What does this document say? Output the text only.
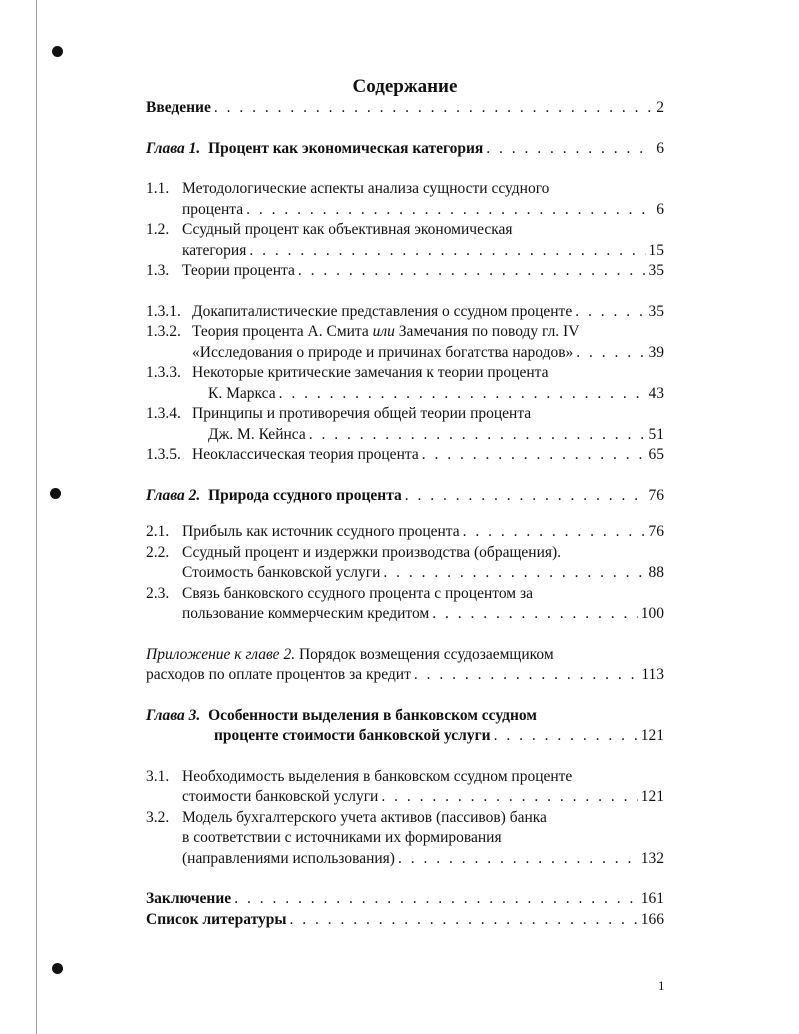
Содержание
Введение . . .	2
Глава 1. Процент как экономическая категория . . .	6
1.1. Методологические аспекты анализа сущности ссудного
процента . . .	6
1.2. Ссудный процент как объективная экономическая
категория . . .	15
1.3. Теории процента . . .	35
1.3.1. Докапиталистические представления о ссудном проценте . . .	35
1.3.2. Теория процента А. Смита или Замечания по поводу гл. IV
«Исследования о природе и причинах богатства народов» . . .	39
1.3.3. Некоторые критические замечания к теории процента
К. Маркса . . .	43
1.3.4. Принципы и противоречия общей теории процента
Дж. М. Кейнса . . .	51
1.3.5. Неоклассическая теория процента . . .	65
Глава 2. Природа ссудного процента . . .	76
2.1. Прибыль как источник ссудного процента . . .	76
2.2. Ссудный процент и издержки производства (обращения).
Стоимость банковской услуги . . .	88
2.3. Связь банковского ссудного процента с процентом за
пользование коммерческим кредитом . . .	100
Приложение к главе 2. Порядок возмещения ссудозаемщиком
расходов по оплате процентов за кредит . . .	113
Глава 3. Особенности выделения в банковском ссудном
проценте стоимости банковской услуги . . .	121
3.1. Необходимость выделения в банковском ссудном проценте
стоимости банковской услуги . . .	121
3.2. Модель бухгалтерского учета активов (пассивов) банка
в соответствии с источниками их формирования
(направлениями использования) . . .	132
Заключение . . .	161
Список литературы . . .	166
1
